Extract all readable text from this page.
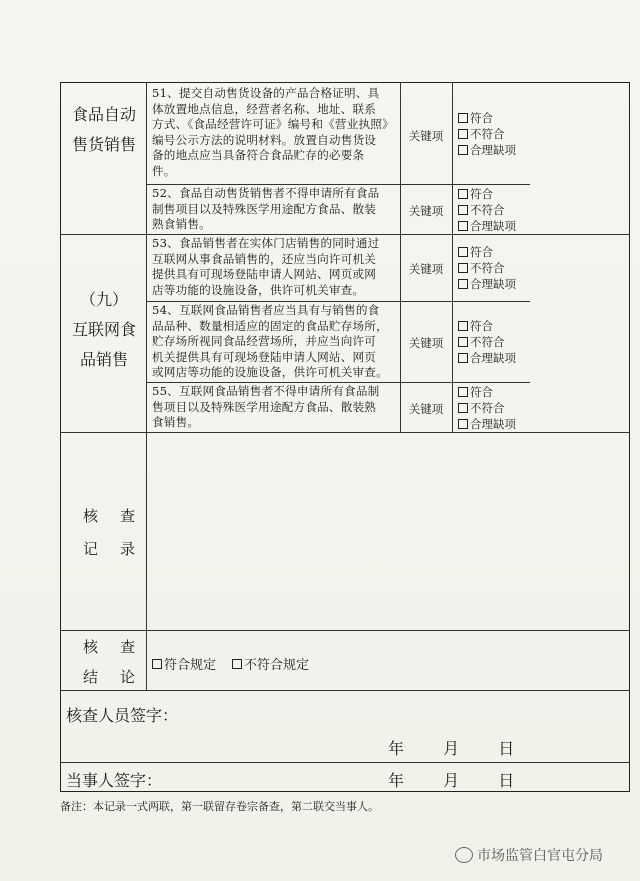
食品自动
售货销售
（九）
互联网食
品销售
51、提交自动售货设备的产品合格证明、具
体放置地点信息，经营者名称、地址、联系
方式、《食品经营许可证》编号和《营业执照》
编号公示方法的说明材料。放置自动售货设
备的地点应当具备符合食品贮存的必要条
件。
关键项
符合
不符合
合理缺项
52、食品自动售货销售者不得申请所有食品
制售项目以及特殊医学用途配方食品、散装
熟食销售。
关键项
符合
不符合
合理缺项
53、食品销售者在实体门店销售的同时通过
互联网从事食品销售的，还应当向许可机关
提供具有可现场登陆申请人网站、网页或网
店等功能的设施设备，供许可机关审查。
关键项
符合
不符合
合理缺项
54、互联网食品销售者应当具有与销售的食
品品种、数量相适应的固定的食品贮存场所，
贮存场所视同食品经营场所，并应当向许可
机关提供具有可现场登陆申请人网站、网页
或网店等功能的设施设备，供许可机关审查。
关键项
符合
不符合
合理缺项
55、互联网食品销售者不得申请所有食品制
售项目以及特殊医学用途配方食品、散装熟
食销售。
关键项
符合
不符合
合理缺项
核查
记录
核查
结论
符合规定 不符合规定
核查人员签字：
年 月 日
当事人签字：	年 月 日
备注：本记录一式两联，第一联留存卷宗备查，第二联交当事人。
市场监管白官屯分局
